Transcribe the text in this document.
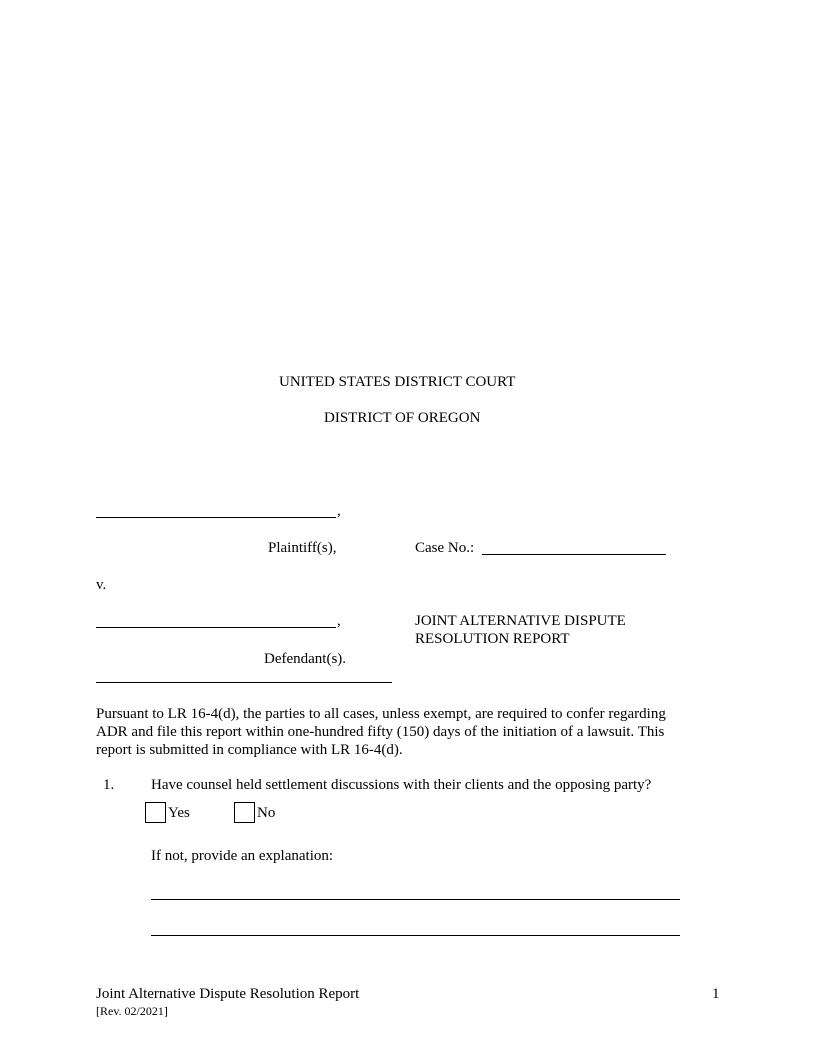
UNITED STATES DISTRICT COURT
DISTRICT OF OREGON
,
Plaintiff(s),	Case No.:
v.
,
Defendant(s).
JOINT ALTERNATIVE DISPUTE
RESOLUTION REPORT
Pursuant to LR 16-4(d), the parties to all cases, unless exempt, are required to confer regarding
ADR and file this report within one-hundred fifty (150) days of the initiation of a lawsuit. This
report is submitted in compliance with LR 16-4(d).
1. Have counsel held settlement discussions with their clients and the opposing party?
Yes	No
If not, provide an explanation:
Joint Alternative Dispute Resolution Report
[Rev. 02/2021]
1
